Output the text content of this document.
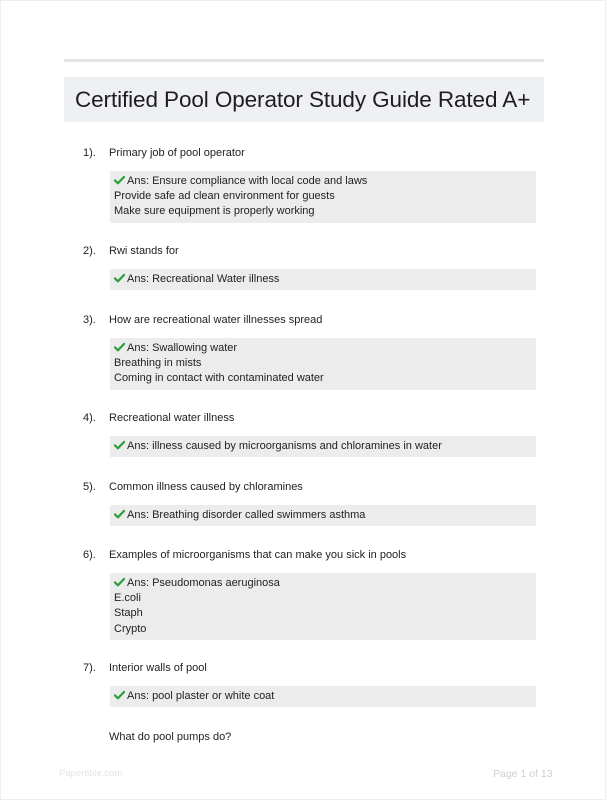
Certified Pool Operator Study Guide Rated A+
1). Primary job of pool operator
Ans: Ensure compliance with local code and laws
Provide safe ad clean environment for guests
Make sure equipment is properly working
2). Rwi stands for
Ans: Recreational Water illness
3). How are recreational water illnesses spread
Ans: Swallowing water
Breathing in mists
Coming in contact with contaminated water
4). Recreational water illness
Ans: illness caused by microorganisms and chloramines in water
5). Common illness caused by chloramines
Ans: Breathing disorder called swimmers asthma
6). Examples of microorganisms that can make you sick in pools
Ans: Pseudomonas aeruginosa
E.coli
Staph
Crypto
7). Interior walls of pool
Ans: pool plaster or white coat
What do pool pumps do?
Papertible.com	Page 1 of 13
